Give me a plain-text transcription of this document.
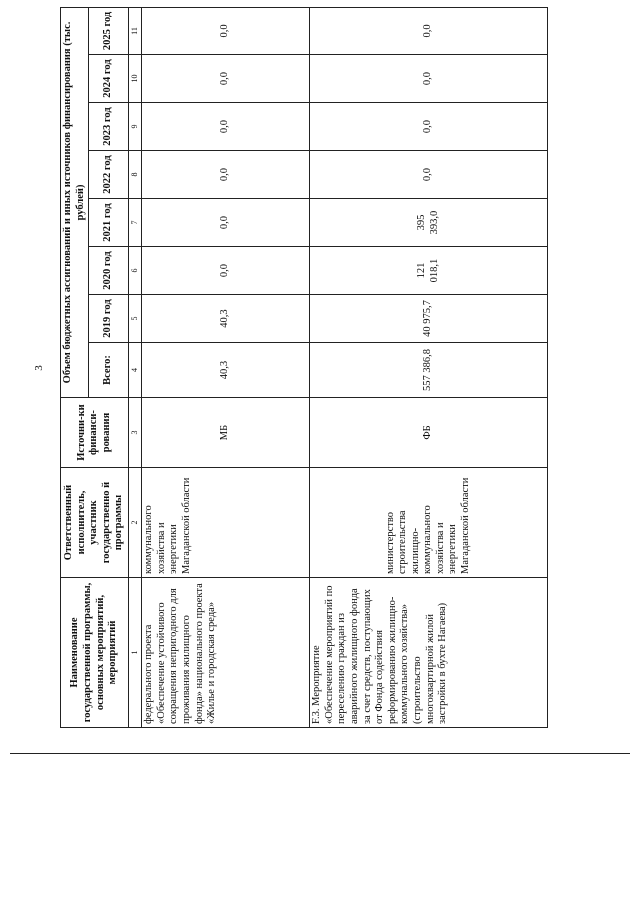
3
Наименование государственной программы, основных мероприятий, мероприятий	Ответственный исполнитель, участник государственно й программы	Источни-ки финанси-рования	Объем бюджетных ассигнований и иных источников финансирования (тыс. рублей)							
			Всего:	2019 год	2020 год	2021 год	2022 год	2023 год	2024 год	2025 год
1	2	3	4	5	6	7	8	9	10	11
федерального проекта «Обеспечение устойчивого сокращения непригодного для проживания жилищного фонда» национального проекта «Жилье и городская среда»	коммунального хозяйства и энергетики Магаданской области	МБ	40,3	40,3	0,0	0,0	0,0	0,0	0,0	0,0
F.3. Мероприятие «Обеспечение мероприятий по переселению граждан из аварийного жилищного фонда за счет средств, поступающих от Фонда содействия реформированию жилищно-коммунального хозяйства» (строительство многоквартирной жилой застройки в бухте Нагаева)	министерство строительства жилищно-коммунального хозяйства и энергетики Магаданской области	ФБ	557 386,8	40 975,7	121 018,1	395 393,0	0,0	0,0	0,0	0,0
